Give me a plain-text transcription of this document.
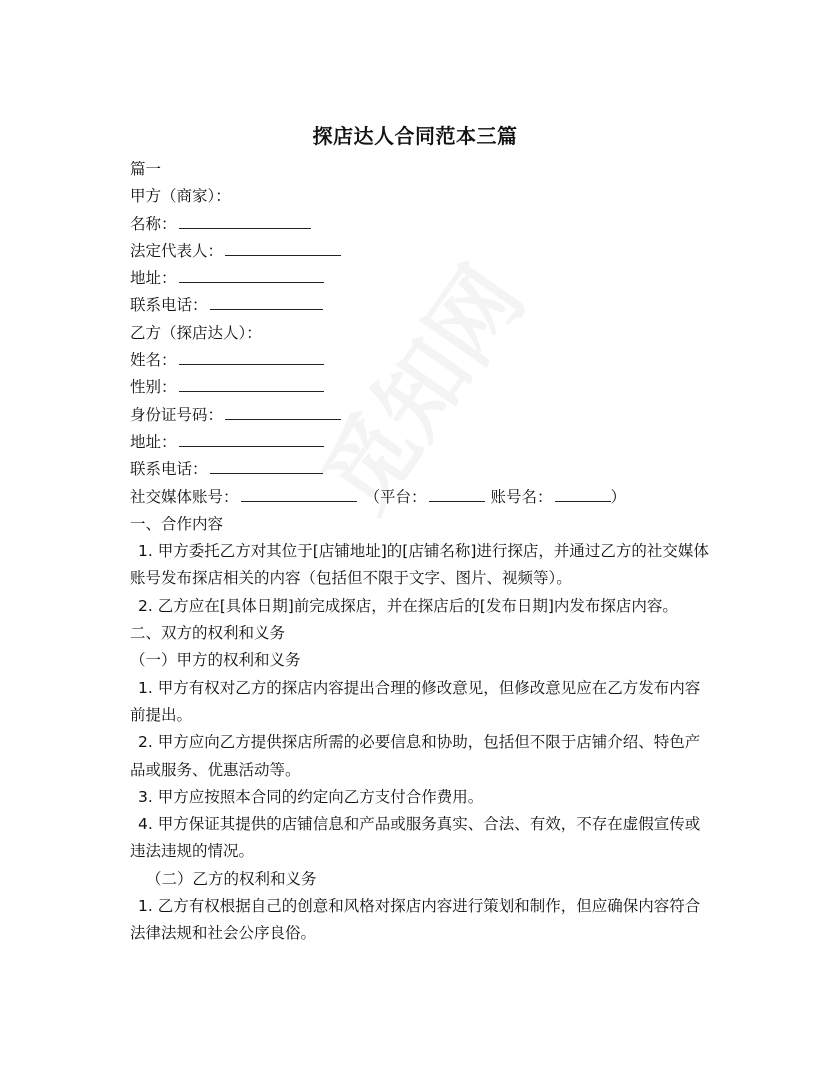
探店达人合同范本三篇
篇一
甲方（商家）：
名称：
法定代表人：
地址：
联系电话：
乙方（探店达人）：
姓名：
性别：
身份证号码：
地址：
联系电话：
社交媒体账号：	（平台：	账号名：	）
一、合作内容
1. 甲方委托乙方对其位于[店铺地址]的[店铺名称]进行探店，并通过乙方的社交媒体
账号发布探店相关的内容（包括但不限于文字、图片、视频等）。
2. 乙方应在[具体日期]前完成探店，并在探店后的[发布日期]内发布探店内容。
二、双方的权利和义务
（一）甲方的权利和义务
1. 甲方有权对乙方的探店内容提出合理的修改意见，但修改意见应在乙方发布内容
前提出。
2. 甲方应向乙方提供探店所需的必要信息和协助，包括但不限于店铺介绍、特色产
品或服务、优惠活动等。
3. 甲方应按照本合同的约定向乙方支付合作费用。
4. 甲方保证其提供的店铺信息和产品或服务真实、合法、有效，不存在虚假宣传或
违法违规的情况。
（二）乙方的权利和义务
1. 乙方有权根据自己的创意和风格对探店内容进行策划和制作，但应确保内容符合
法律法规和社会公序良俗。
